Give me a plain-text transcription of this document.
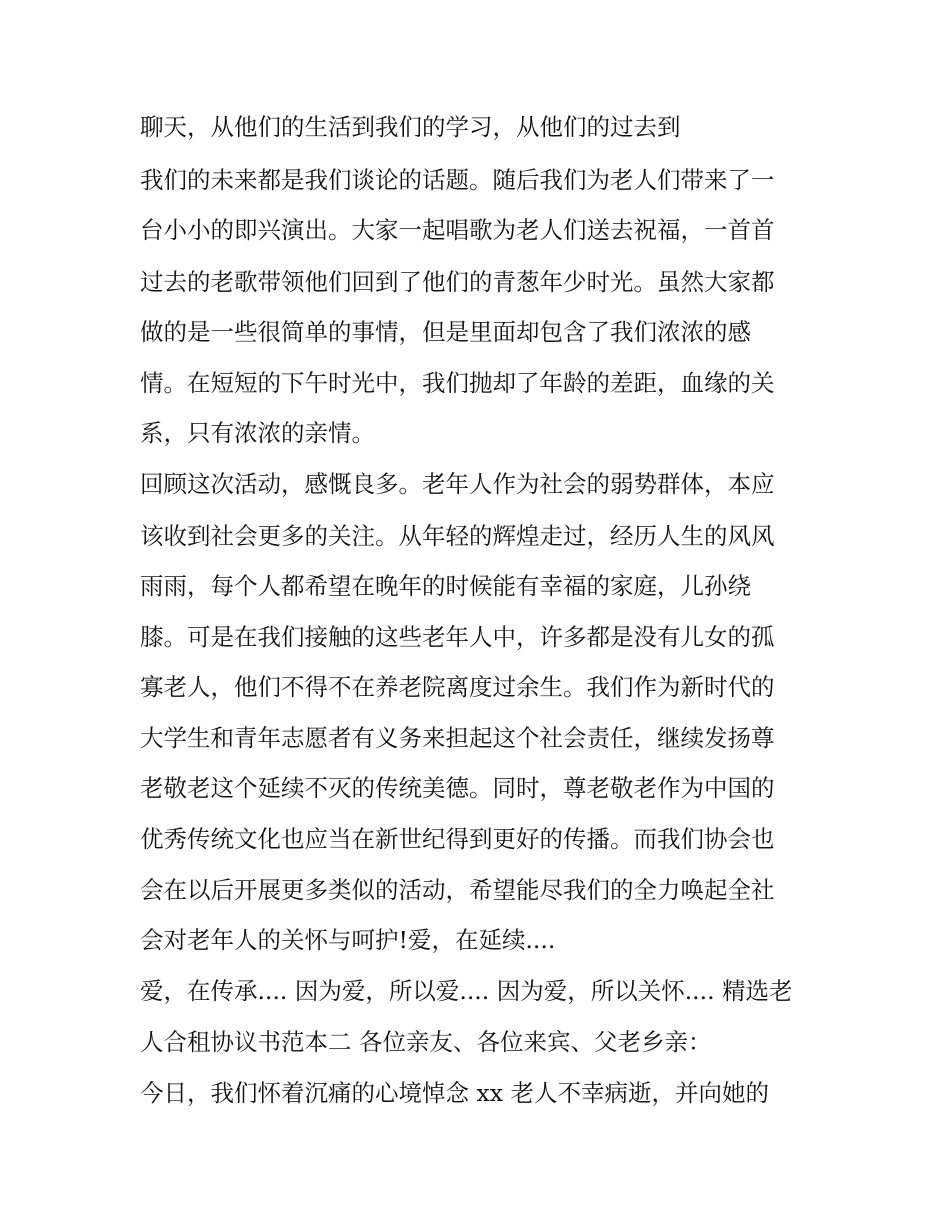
聊天，从他们的生活到我们的学习，从他们的过去到
我们的未来都是我们谈论的话题。随后我们为老人们带来了一
台小小的即兴演出。大家一起唱歌为老人们送去祝福，一首首
过去的老歌带领他们回到了他们的青葱年少时光。虽然大家都
做的是一些很简单的事情，但是里面却包含了我们浓浓的感
情。在短短的下午时光中，我们抛却了年龄的差距，血缘的关
系，只有浓浓的亲情。
回顾这次活动，感慨良多。老年人作为社会的弱势群体，本应
该收到社会更多的关注。从年轻的辉煌走过，经历人生的风风
雨雨，每个人都希望在晚年的时候能有幸福的家庭，儿孙绕
膝。可是在我们接触的这些老年人中，许多都是没有儿女的孤
寡老人，他们不得不在养老院离度过余生。我们作为新时代的
大学生和青年志愿者有义务来担起这个社会责任，继续发扬尊
老敬老这个延续不灭的传统美德。同时，尊老敬老作为中国的
优秀传统文化也应当在新世纪得到更好的传播。而我们协会也
会在以后开展更多类似的活动，希望能尽我们的全力唤起全社
会对老年人的关怀与呵护!爱，在延续....
爱，在传承.... 因为爱，所以爱.... 因为爱，所以关怀.... 精选老
人合租协议书范本二 各位亲友、各位来宾、父老乡亲：
今日，我们怀着沉痛的心境悼念 xx 老人不幸病逝，并向她的
